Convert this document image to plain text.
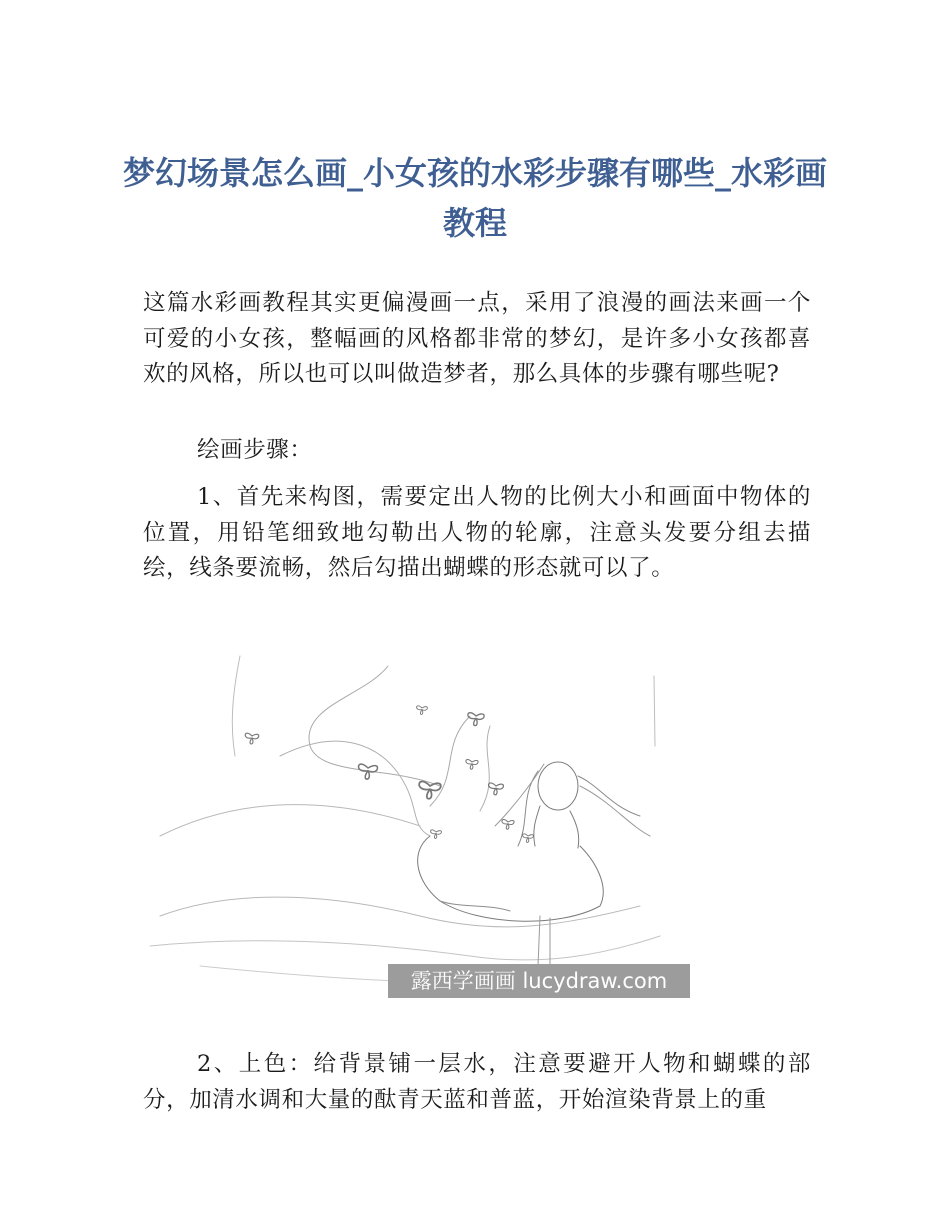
梦幻场景怎么画_小女孩的水彩步骤有哪些_水彩画教程

这篇水彩画教程其实更偏漫画一点，采用了浪漫的画法来画一个可爱的小女孩，整幅画的风格都非常的梦幻，是许多小女孩都喜欢的风格，所以也可以叫做造梦者，那么具体的步骤有哪些呢?

绘画步骤：

1、首先来构图，需要定出人物的比例大小和画面中物体的位置，用铅笔细致地勾勒出人物的轮廓，注意头发要分组去描绘，线条要流畅，然后勾描出蝴蝶的形态就可以了。

露西学画画 lucydraw.com

2、上色：给背景铺一层水，注意要避开人物和蝴蝶的部分，加清水调和大量的酞青天蓝和普蓝，开始渲染背景上的重
